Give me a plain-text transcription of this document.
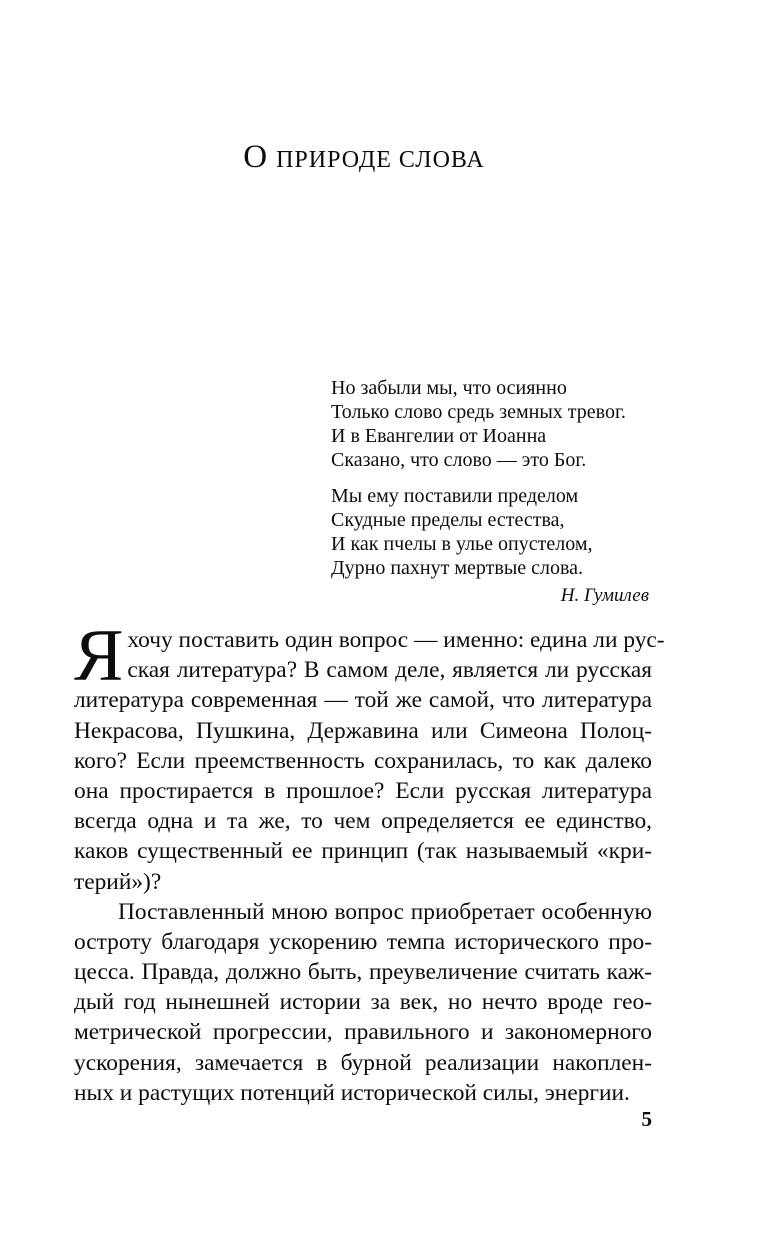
О ПРИРОДЕ СЛОВА
Но забыли мы, что осиянно
Только слово средь земных тревог.
И в Евангелии от Иоанна
Сказано, что слово — это Бог.
Мы ему поставили пределом
Скудные пределы естества,
И как пчелы в улье опустелом,
Дурно пахнут мертвые слова.
Н. Гумилев
Я хочу поставить один вопрос — именно: едина ли рус-
ская литература? В самом деле, является ли русская
литература современная — той же самой, что литература
Некрасова, Пушкина, Державина или Симеона Полоц-
кого? Если преемственность сохранилась, то как далеко
она простирается в прошлое? Если русская литература
всегда одна и та же, то чем определяется ее единство,
каков существенный ее принцип (так называемый «кри-
терий»)?
Поставленный мною вопрос приобретает особенную
остроту благодаря ускорению темпа исторического про-
цесса. Правда, должно быть, преувеличение считать каж-
дый год нынешней истории за век, но нечто вроде гео-
метрической прогрессии, правильного и закономерного
ускорения, замечается в бурной реализации накоплен-
ных и растущих потенций исторической силы, энергии.
5
